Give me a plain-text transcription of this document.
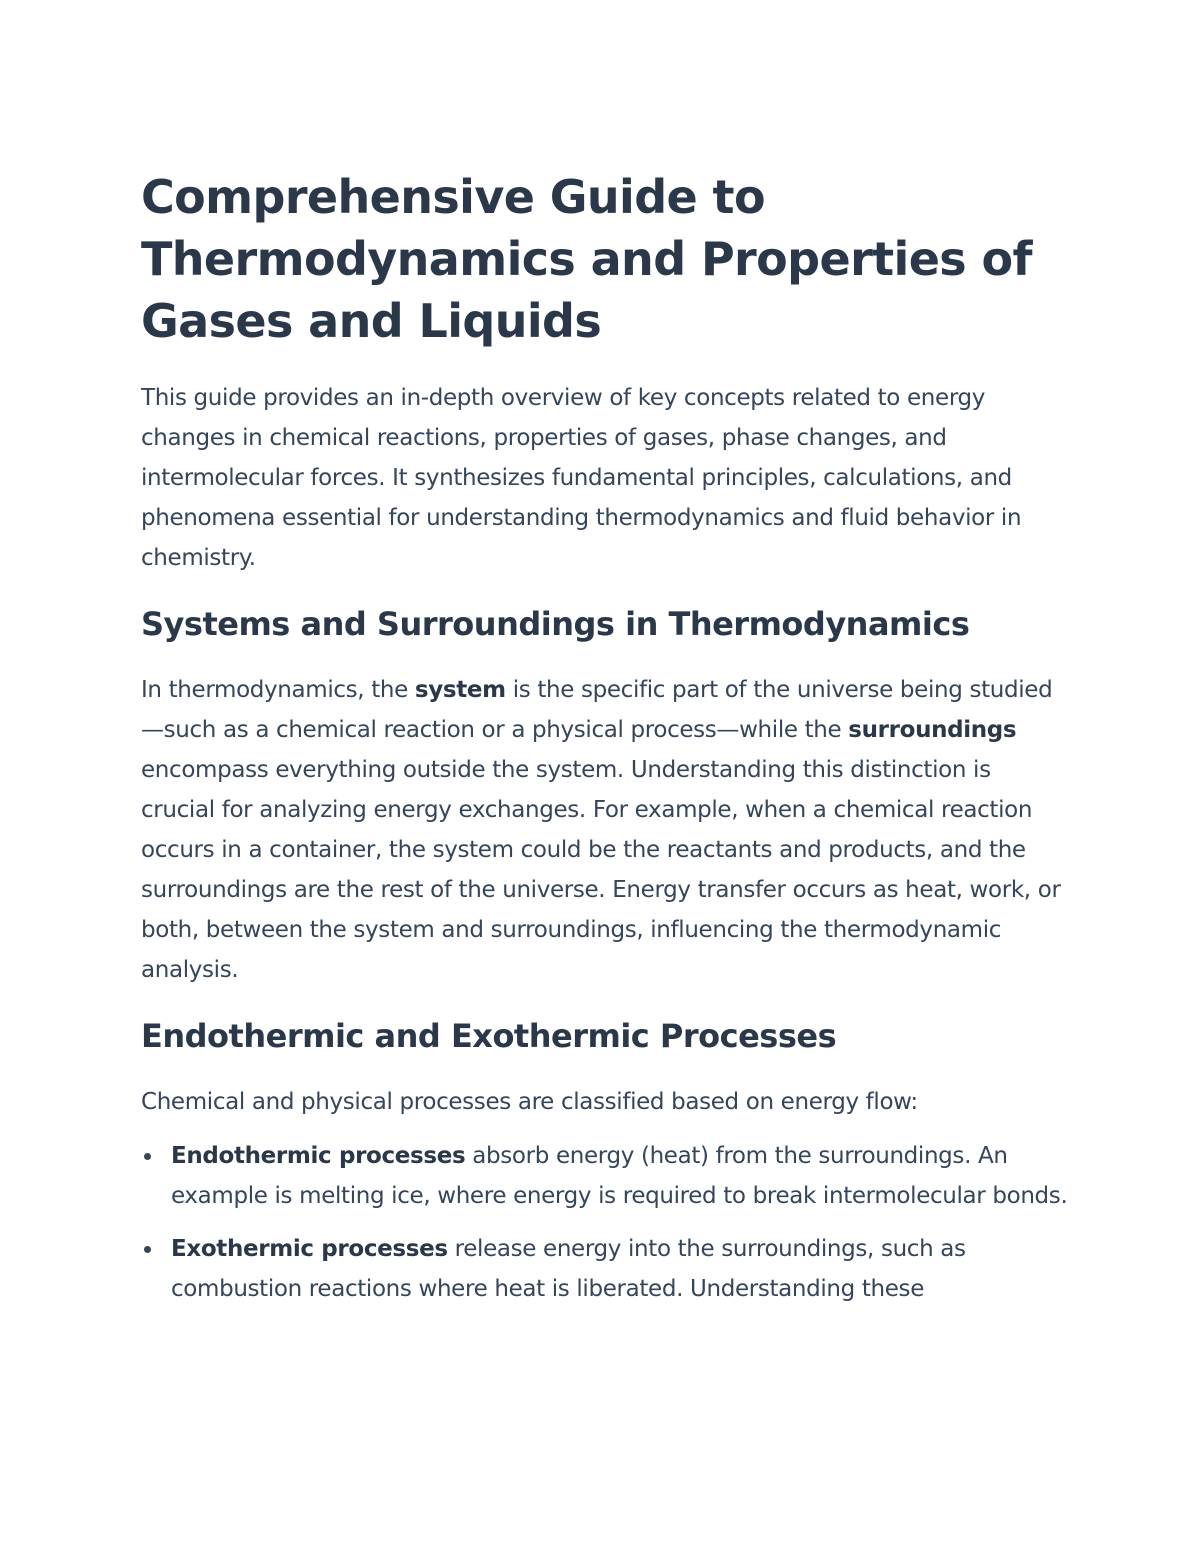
Comprehensive Guide to Thermodynamics and Properties of Gases and Liquids

This guide provides an in-depth overview of key concepts related to energy changes in chemical reactions, properties of gases, phase changes, and intermolecular forces. It synthesizes fundamental principles, calculations, and phenomena essential for understanding thermodynamics and fluid behavior in chemistry.

Systems and Surroundings in Thermodynamics

In thermodynamics, the system is the specific part of the universe being studied—such as a chemical reaction or a physical process—while the surroundings encompass everything outside the system. Understanding this distinction is crucial for analyzing energy exchanges. For example, when a chemical reaction occurs in a container, the system could be the reactants and products, and the surroundings are the rest of the universe. Energy transfer occurs as heat, work, or both, between the system and surroundings, influencing the thermodynamic analysis.

Endothermic and Exothermic Processes

Chemical and physical processes are classified based on energy flow:

Endothermic processes absorb energy (heat) from the surroundings. An example is melting ice, where energy is required to break intermolecular bonds.
Exothermic processes release energy into the surroundings, such as combustion reactions where heat is liberated. Understanding these
